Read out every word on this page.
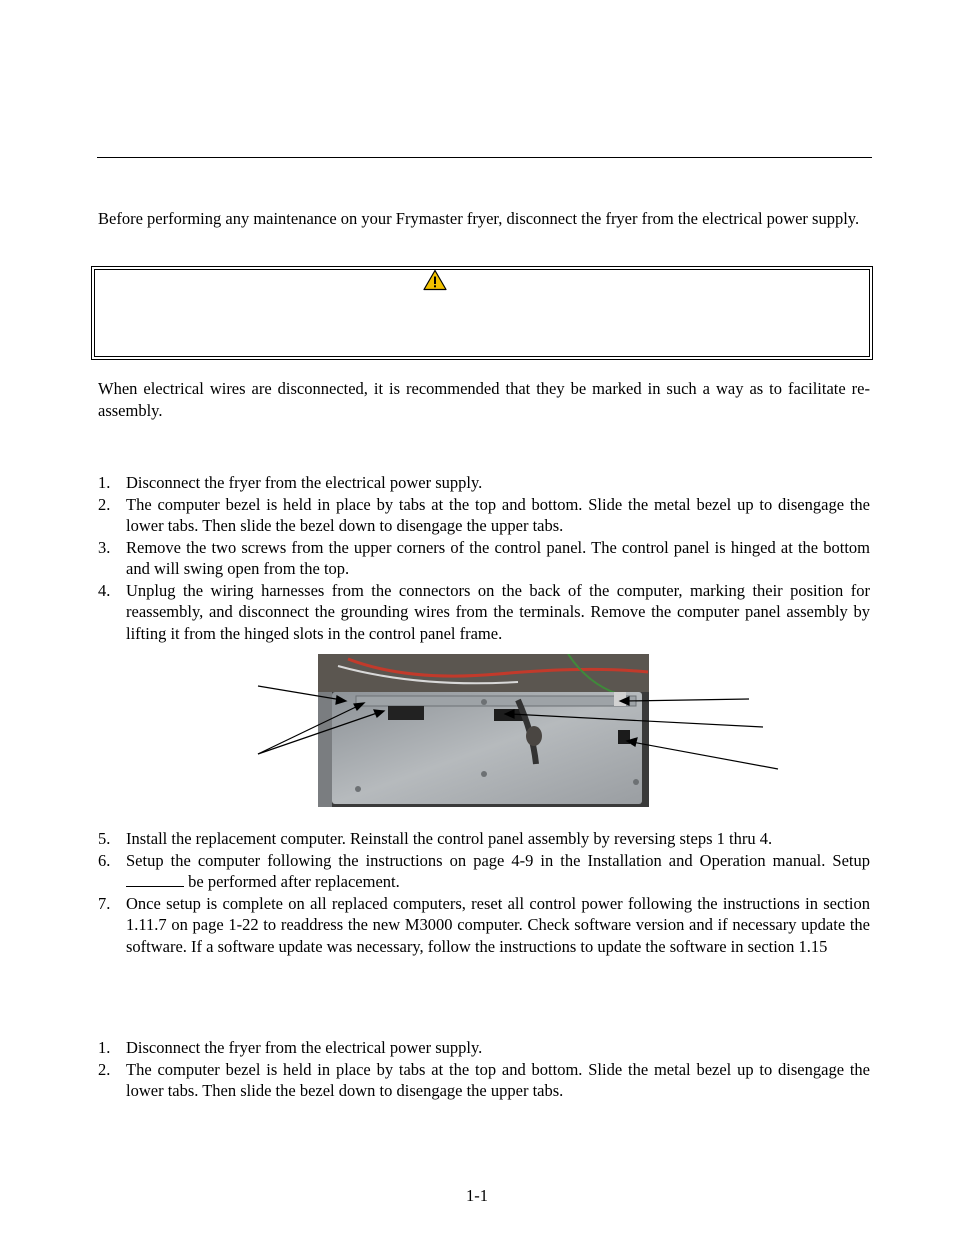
Before performing any maintenance on your Frymaster fryer, disconnect the fryer from the electrical power supply.
When electrical wires are disconnected, it is recommended that they be marked in such a way as to facilitate re-assembly.
1. Disconnect the fryer from the electrical power supply.
2. The computer bezel is held in place by tabs at the top and bottom. Slide the metal bezel up to disengage the lower tabs. Then slide the bezel down to disengage the upper tabs.
3. Remove the two screws from the upper corners of the control panel. The control panel is hinged at the bottom and will swing open from the top.
4. Unplug the wiring harnesses from the connectors on the back of the computer, marking their position for reassembly, and disconnect the grounding wires from the terminals. Remove the computer panel assembly by lifting it from the hinged slots in the control panel frame.
5. Install the replacement computer. Reinstall the control panel assembly by reversing steps 1 thru 4.
6. Setup the computer following the instructions on page 4-9 in the Installation and Operation manual. Setup  be performed after replacement.
7. Once setup is complete on all replaced computers, reset all control power following the instructions in section 1.11.7 on page 1-22 to readdress the new M3000 computer. Check software version and if necessary update the software. If a software update was necessary, follow the instructions to update the software in section 1.15
1. Disconnect the fryer from the electrical power supply.
2. The computer bezel is held in place by tabs at the top and bottom. Slide the metal bezel up to disengage the lower tabs. Then slide the bezel down to disengage the upper tabs.
1-1
